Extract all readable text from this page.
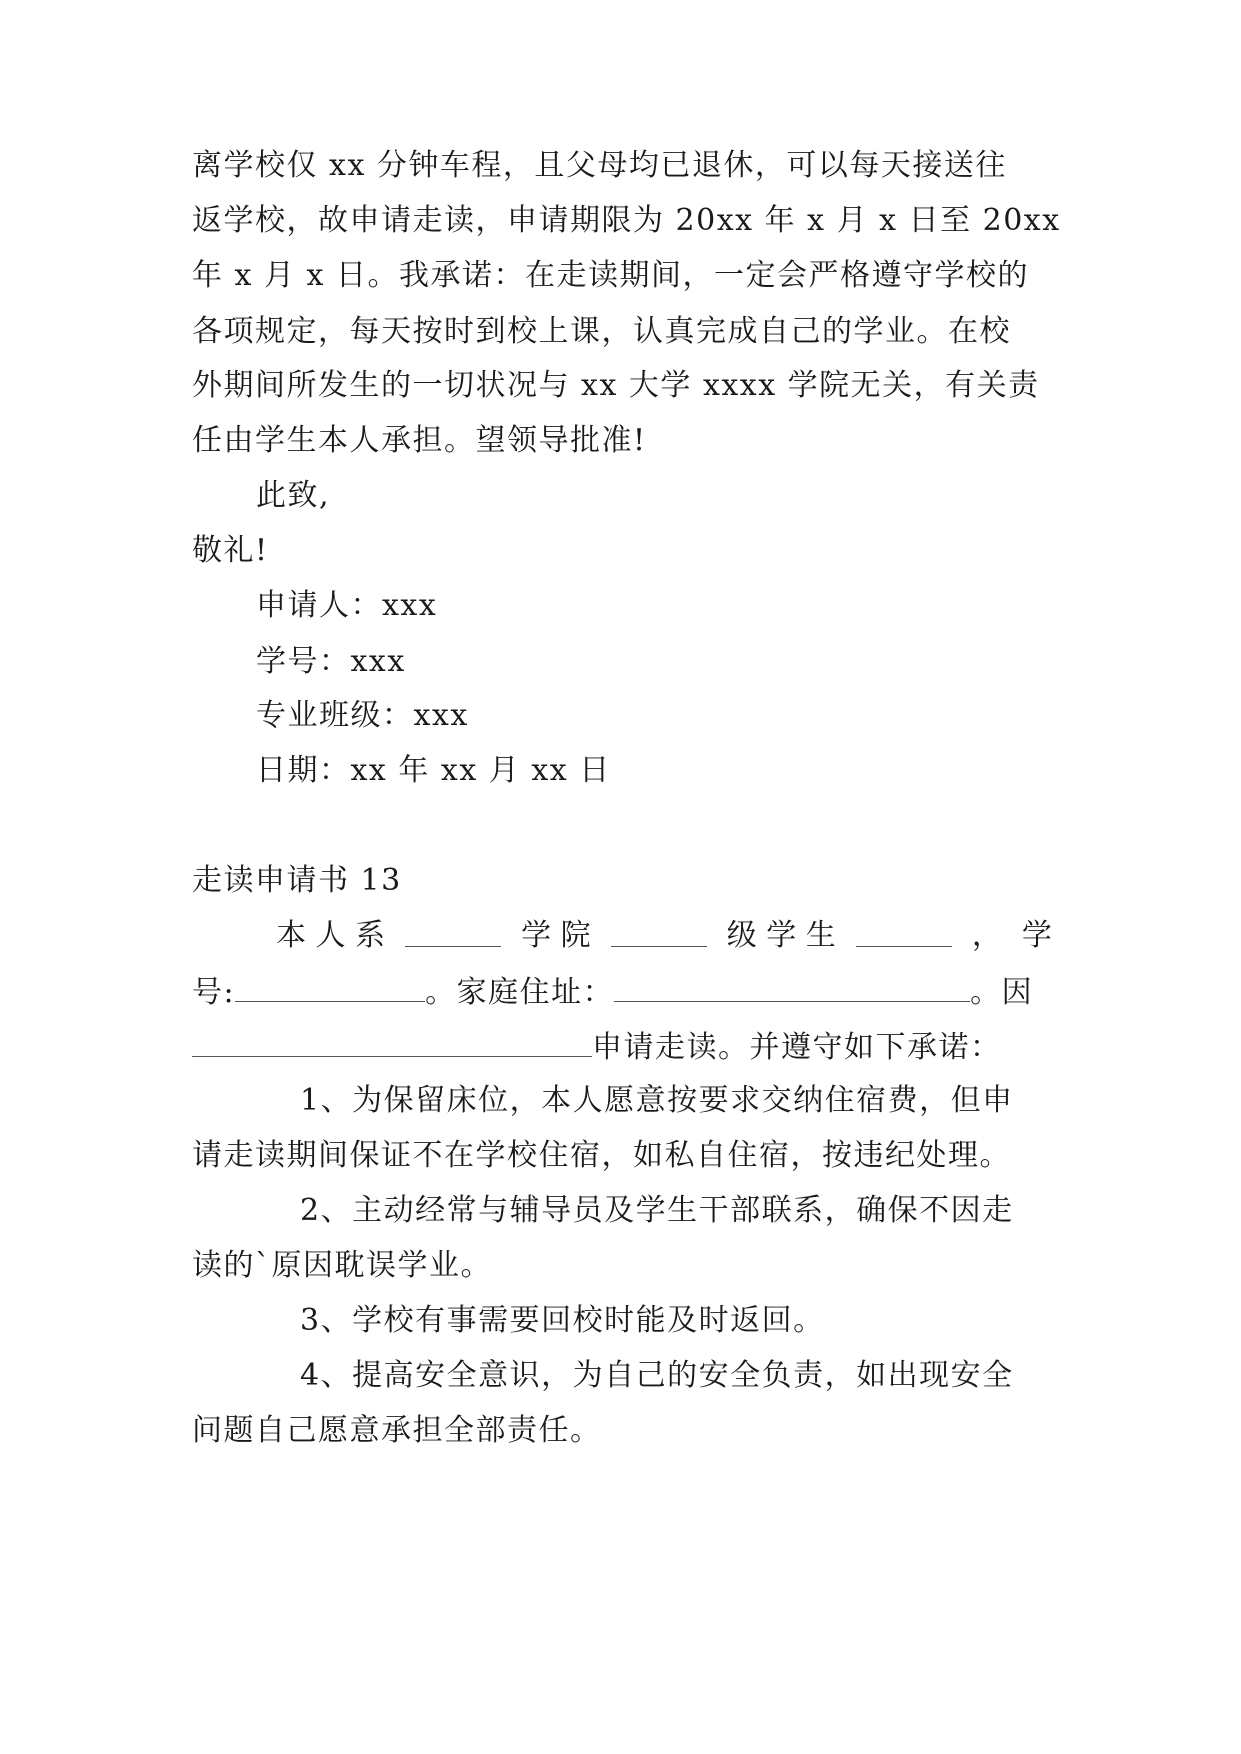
离学校仅 xx 分钟车程，且父母均已退休，可以每天接送往
返学校，故申请走读，申请期限为 20xx 年 x 月 x 日至 20xx
年 x 月 x 日。我承诺：在走读期间，一定会严格遵守学校的
各项规定，每天按时到校上课，认真完成自己的学业。在校
外期间所发生的一切状况与 xx 大学 xxxx 学院无关，有关责
任由学生本人承担。望领导批准!
此致,
敬礼!
申请人：xxx
学号：xxx
专业班级：xxx
日期：xx 年 xx 月 xx 日
走读申请书 13
本 人 系	学 院	级 学 生	， 学
号:	。家庭住址：	。因
申请走读。并遵守如下承诺：
1、为保留床位，本人愿意按要求交纳住宿费，但申
请走读期间保证不在学校住宿，如私自住宿，按违纪处理。
2、主动经常与辅导员及学生干部联系，确保不因走
读的`原因耽误学业。
3、学校有事需要回校时能及时返回。
4、提高安全意识，为自己的安全负责，如出现安全
问题自己愿意承担全部责任。
